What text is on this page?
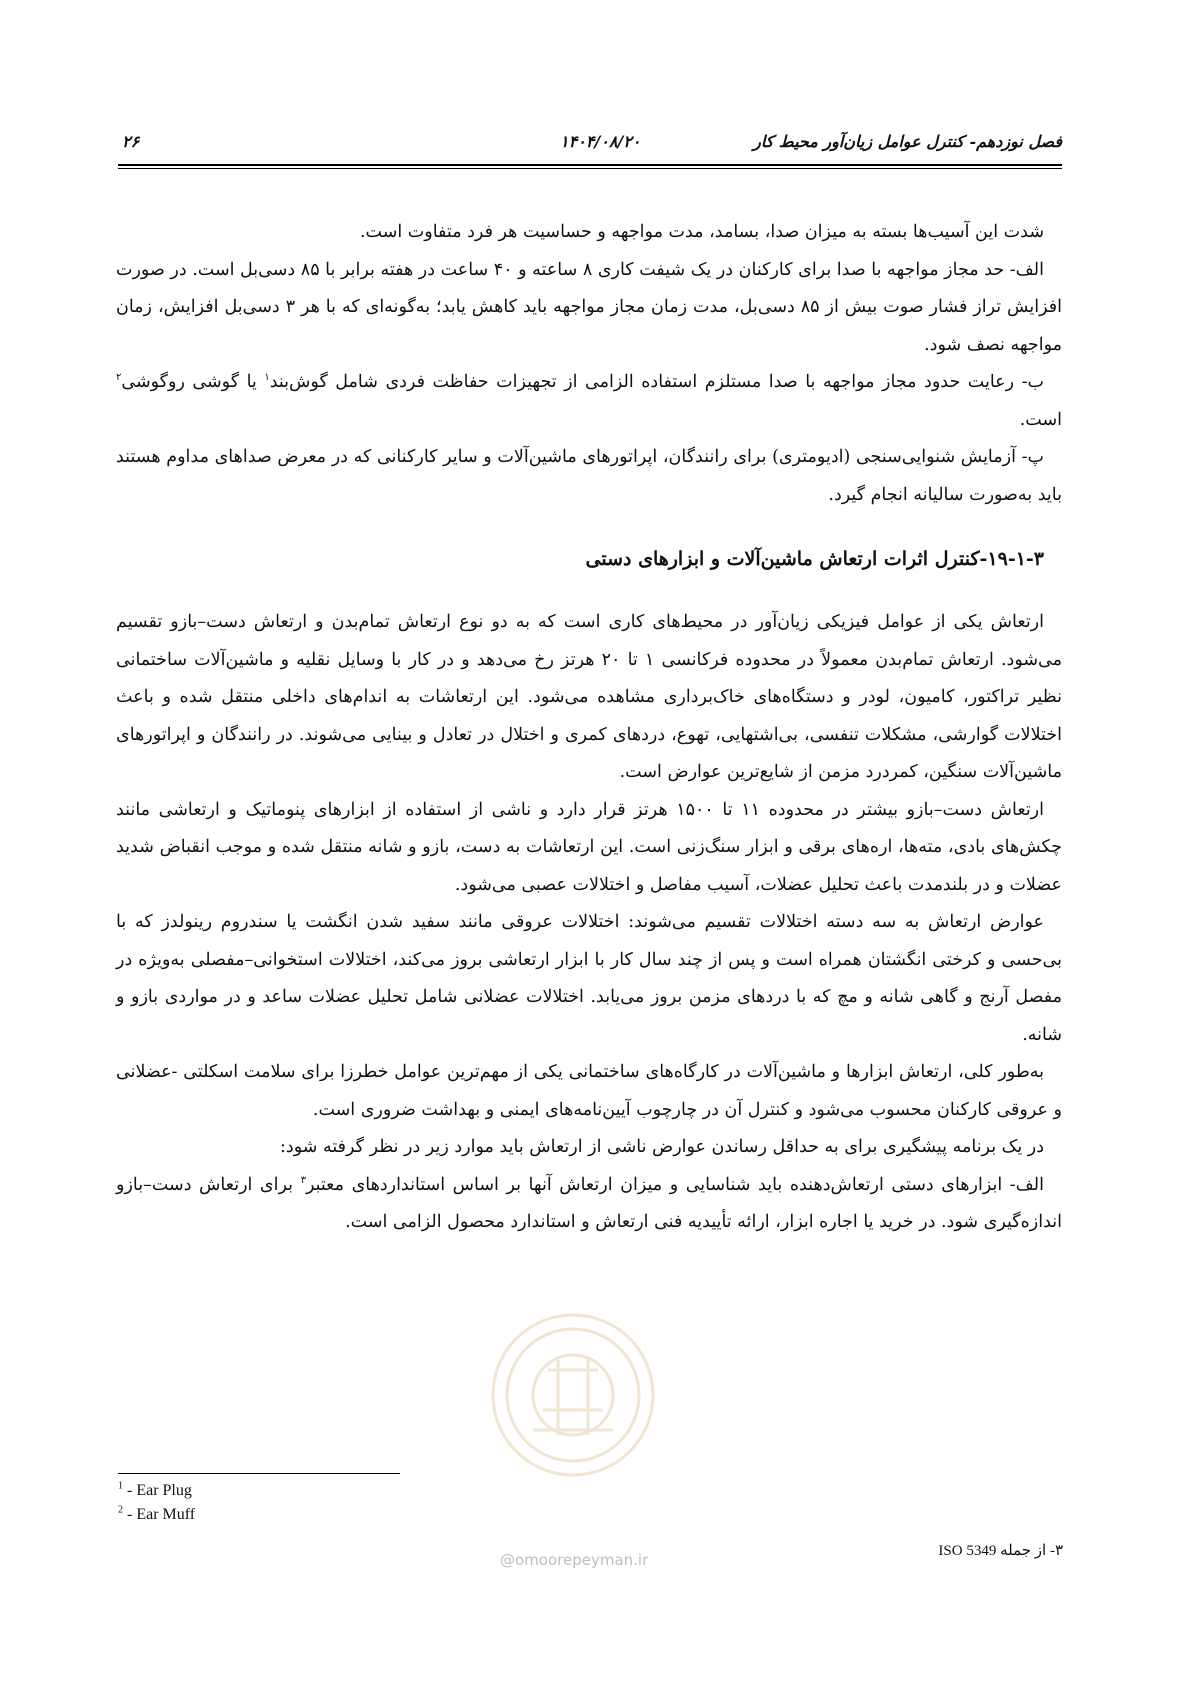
فصل نوزدهم- کنترل عوامل زیان‌آور محیط کار
۱۴۰۴/۰۸/۲۰
۲۶

شدت این آسیب‌ها بسته به میزان صدا، بسامد، مدت مواجهه و حساسیت هر فرد متفاوت است.

الف- حد مجاز مواجهه با صدا برای کارکنان در یک شیفت کاری ۸ ساعته و ۴۰ ساعت در هفته برابر با ۸۵ دسی‌بل است. در صورت افزایش تراز فشار صوت بیش از ۸۵ دسی‌بل، مدت زمان مجاز مواجهه باید کاهش یابد؛ به‌گونه‌ای که با هر ۳ دسی‌بل افزایش، زمان مواجهه نصف شود.

ب- رعایت حدود مجاز مواجهه با صدا مستلزم استفاده الزامی از تجهیزات حفاظت فردی شامل گوش‌بند$^۱$ یا گوشی روگوشی$^۲$ است.

پ- آزمایش شنوایی‌سنجی (ادیومتری) برای رانندگان، اپراتورهای ماشین‌آلات و سایر کارکنانی که در معرض صداهای مداوم هستند باید به‌صورت سالیانه انجام گیرد.

۱۹-۱-۳-کنترل اثرات ارتعاش ماشین‌آلات و ابزارهای دستی

ارتعاش یکی از عوامل فیزیکی زیان‌آور در محیط‌های کاری است که به دو نوع ارتعاش تمام‌بدن و ارتعاش دست–بازو تقسیم می‌شود. ارتعاش تمام‌بدن معمولاً در محدوده فرکانسی ۱ تا ۲۰ هرتز رخ می‌دهد و در کار با وسایل نقلیه و ماشین‌آلات ساختمانی نظیر تراکتور، کامیون، لودر و دستگاه‌های خاک‌برداری مشاهده می‌شود. این ارتعاشات به اندام‌های داخلی منتقل شده و باعث اختلالات گوارشی، مشکلات تنفسی، بی‌اشتهایی، تهوع، دردهای کمری و اختلال در تعادل و بینایی می‌شوند. در رانندگان و اپراتورهای ماشین‌آلات سنگین، کمردرد مزمن از شایع‌ترین عوارض است.

ارتعاش دست–بازو بیشتر در محدوده ۱۱ تا ۱۵۰۰ هرتز قرار دارد و ناشی از استفاده از ابزارهای پنوماتیک و ارتعاشی مانند چکش‌های بادی، مته‌ها، اره‌های برقی و ابزار سنگ‌زنی است. این ارتعاشات به دست، بازو و شانه منتقل شده و موجب انقباض شدید عضلات و در بلندمدت باعث تحلیل عضلات، آسیب مفاصل و اختلالات عصبی می‌شود.

عوارض ارتعاش به سه دسته اختلالات تقسیم می‌شوند: اختلالات عروقی مانند سفید شدن انگشت یا سندروم رینولدز که با بی‌حسی و کرختی انگشتان همراه است و پس از چند سال کار با ابزار ارتعاشی بروز می‌کند، اختلالات استخوانی–مفصلی به‌ویژه در مفصل آرنج و گاهی شانه و مچ که با دردهای مزمن بروز می‌یابد. اختلالات عضلانی شامل تحلیل عضلات ساعد و در مواردی بازو و شانه.

به‌طور کلی، ارتعاش ابزارها و ماشین‌آلات در کارگاه‌های ساختمانی یکی از مهم‌ترین عوامل خطرزا برای سلامت اسکلتی -عضلانی و عروقی کارکنان محسوب می‌شود و کنترل آن در چارچوب آیین‌نامه‌های ایمنی و بهداشت ضروری است.

در یک برنامه پیشگیری برای به حداقل رساندن عوارض ناشی از ارتعاش باید موارد زیر در نظر گرفته شود:

الف- ابزارهای دستی ارتعاش‌دهنده باید شناسایی و میزان ارتعاش آنها بر اساس استانداردهای معتبر$^۳$ برای ارتعاش دست–بازو اندازه‌گیری شود. در خرید یا اجاره ابزار، ارائه تأییدیه فنی ارتعاش و استاندارد محصول الزامی است.

$^1$ - Ear Plug
$^2$ - Ear Muff
۳- از جمله ISO 5349
@omoorepeyman.ir
